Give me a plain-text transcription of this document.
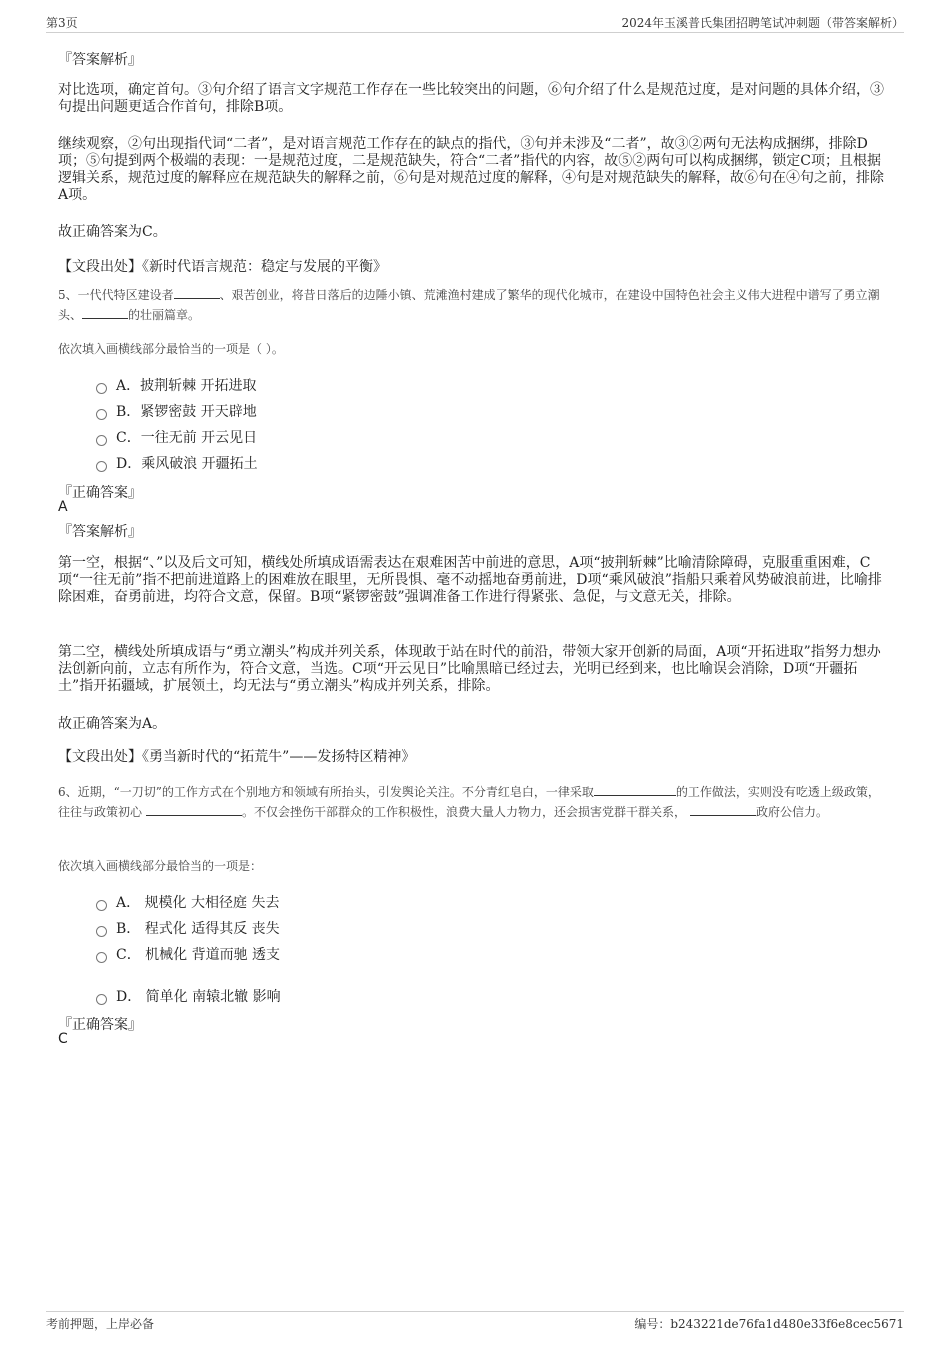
第3页	2024年玉溪普氏集团招聘笔试冲刺题（带答案解析）
『答案解析』
对比选项，确定首句。③句介绍了语言文字规范工作存在一些比较突出的问题，⑥句介绍了什么是规范过度，是对问题的具体介绍，③句提出问题更适合作首句，排除B项。
继续观察，②句出现指代词“二者”，是对语言规范工作存在的缺点的指代，③句并未涉及“二者”，故③②两句无法构成捆绑，排除D项；⑤句提到两个极端的表现：一是规范过度，二是规范缺失，符合“二者”指代的内容，故⑤②两句可以构成捆绑，锁定C项；且根据逻辑关系，规范过度的解释应在规范缺失的解释之前，⑥句是对规范过度的解释，④句是对规范缺失的解释，故⑥句在④句之前，排除A项。
故正确答案为C。
【文段出处】《新时代语言规范：稳定与发展的平衡》
5、一代代特区建设者	、艰苦创业，将昔日落后的边陲小镇、荒滩渔村建成了繁华的现代化城市，在建设中国特色社会主义伟大进程中谱写了勇立潮头、	的壮丽篇章。
依次填入画横线部分最恰当的一项是（ ）。
A．披荆斩棘 开拓进取
B．紧锣密鼓 开天辟地
C．一往无前 开云见日
D．乘风破浪 开疆拓土
『正确答案』
A
『答案解析』
第一空，根据“、”以及后文可知，横线处所填成语需表达在艰难困苦中前进的意思，A项“披荆斩棘”比喻清除障碍，克服重重困难，C项“一往无前”指不把前进道路上的困难放在眼里，无所畏惧、毫不动摇地奋勇前进，D项“乘风破浪”指船只乘着风势破浪前进，比喻排除困难，奋勇前进，均符合文意，保留。B项“紧锣密鼓”强调准备工作进行得紧张、急促，与文意无关，排除。
第二空，横线处所填成语与“勇立潮头”构成并列关系，体现敢于站在时代的前沿，带领大家开创新的局面，A项“开拓进取”指努力想办法创新向前，立志有所作为，符合文意，当选。C项“开云见日”比喻黑暗已经过去，光明已经到来，也比喻误会消除，D项“开疆拓土”指开拓疆域，扩展领土，均无法与“勇立潮头”构成并列关系，排除。
故正确答案为A。
【文段出处】《勇当新时代的“拓荒牛”——发扬特区精神》
6、近期，“一刀切”的工作方式在个别地方和领域有所抬头，引发舆论关注。不分青红皂白，一律采取	的工作做法，实则没有吃透上级政策，往往与政策初心	。不仅会挫伤干部群众的工作积极性，浪费大量人力物力，还会损害党群干群关系，	政府公信力。
依次填入画横线部分最恰当的一项是：
A． 规模化 大相径庭 失去
B． 程式化 适得其反 丧失
C． 机械化 背道而驰 透支
D． 简单化 南辕北辙 影响
『正确答案』
C
考前押题，上岸必备	编号：b243221de76fa1d480e33f6e8cec5671
